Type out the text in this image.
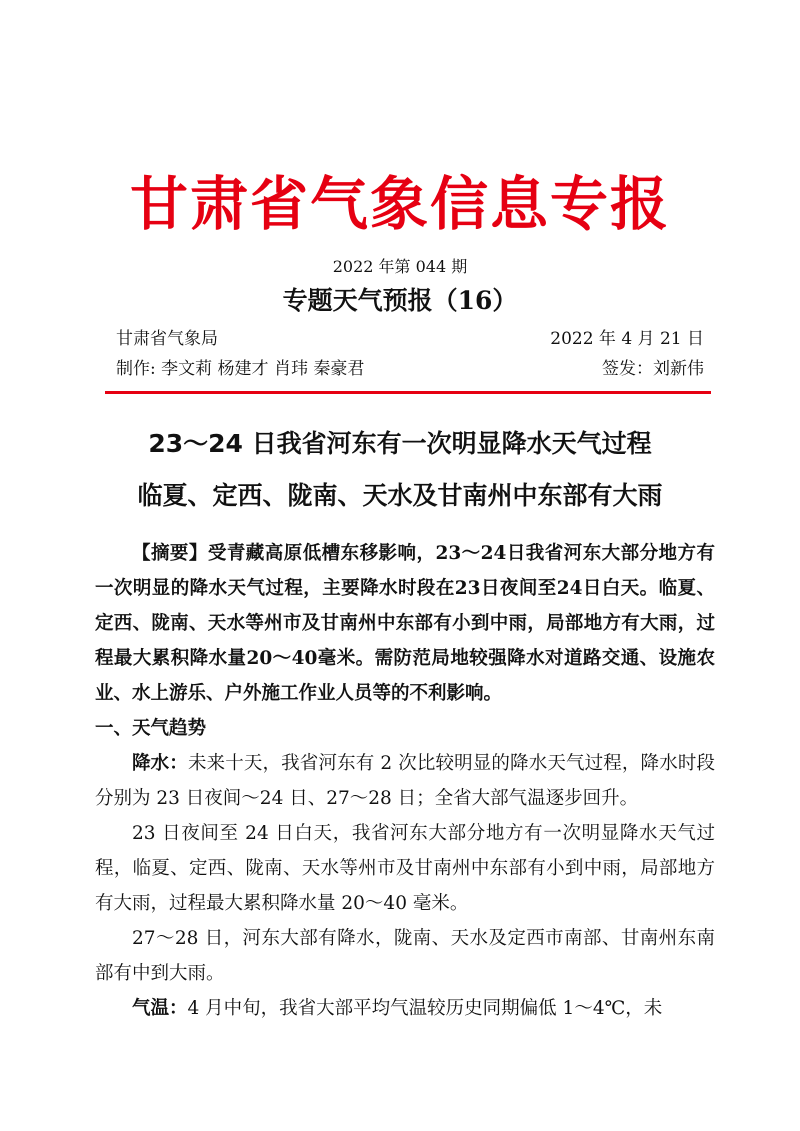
甘肃省气象信息专报
2022 年第 044 期
专题天气预报（16）
甘肃省气象局	2022 年 4 月 21 日
制作: 李文莉 杨建才 肖玮 秦豪君	签发：刘新伟
23～24 日我省河东有一次明显降水天气过程
临夏、定西、陇南、天水及甘南州中东部有大雨

【摘要】受青藏高原低槽东移影响，23～24日我省河东大部分地方有一次明显的降水天气过程，主要降水时段在23日夜间至24日白天。临夏、定西、陇南、天水等州市及甘南州中东部有小到中雨，局部地方有大雨，过程最大累积降水量20～40毫米。需防范局地较强降水对道路交通、设施农业、水上游乐、户外施工作业人员等的不利影响。

一、天气趋势

降水：未来十天，我省河东有 2 次比较明显的降水天气过程，降水时段分别为 23 日夜间～24 日、27～28 日；全省大部气温逐步回升。

23 日夜间至 24 日白天，我省河东大部分地方有一次明显降水天气过程，临夏、定西、陇南、天水等州市及甘南州中东部有小到中雨，局部地方有大雨，过程最大累积降水量 20～40 毫米。

27～28 日，河东大部有降水，陇南、天水及定西市南部、甘南州东南部有中到大雨。

气温：4 月中旬，我省大部平均气温较历史同期偏低 1～4℃，未
